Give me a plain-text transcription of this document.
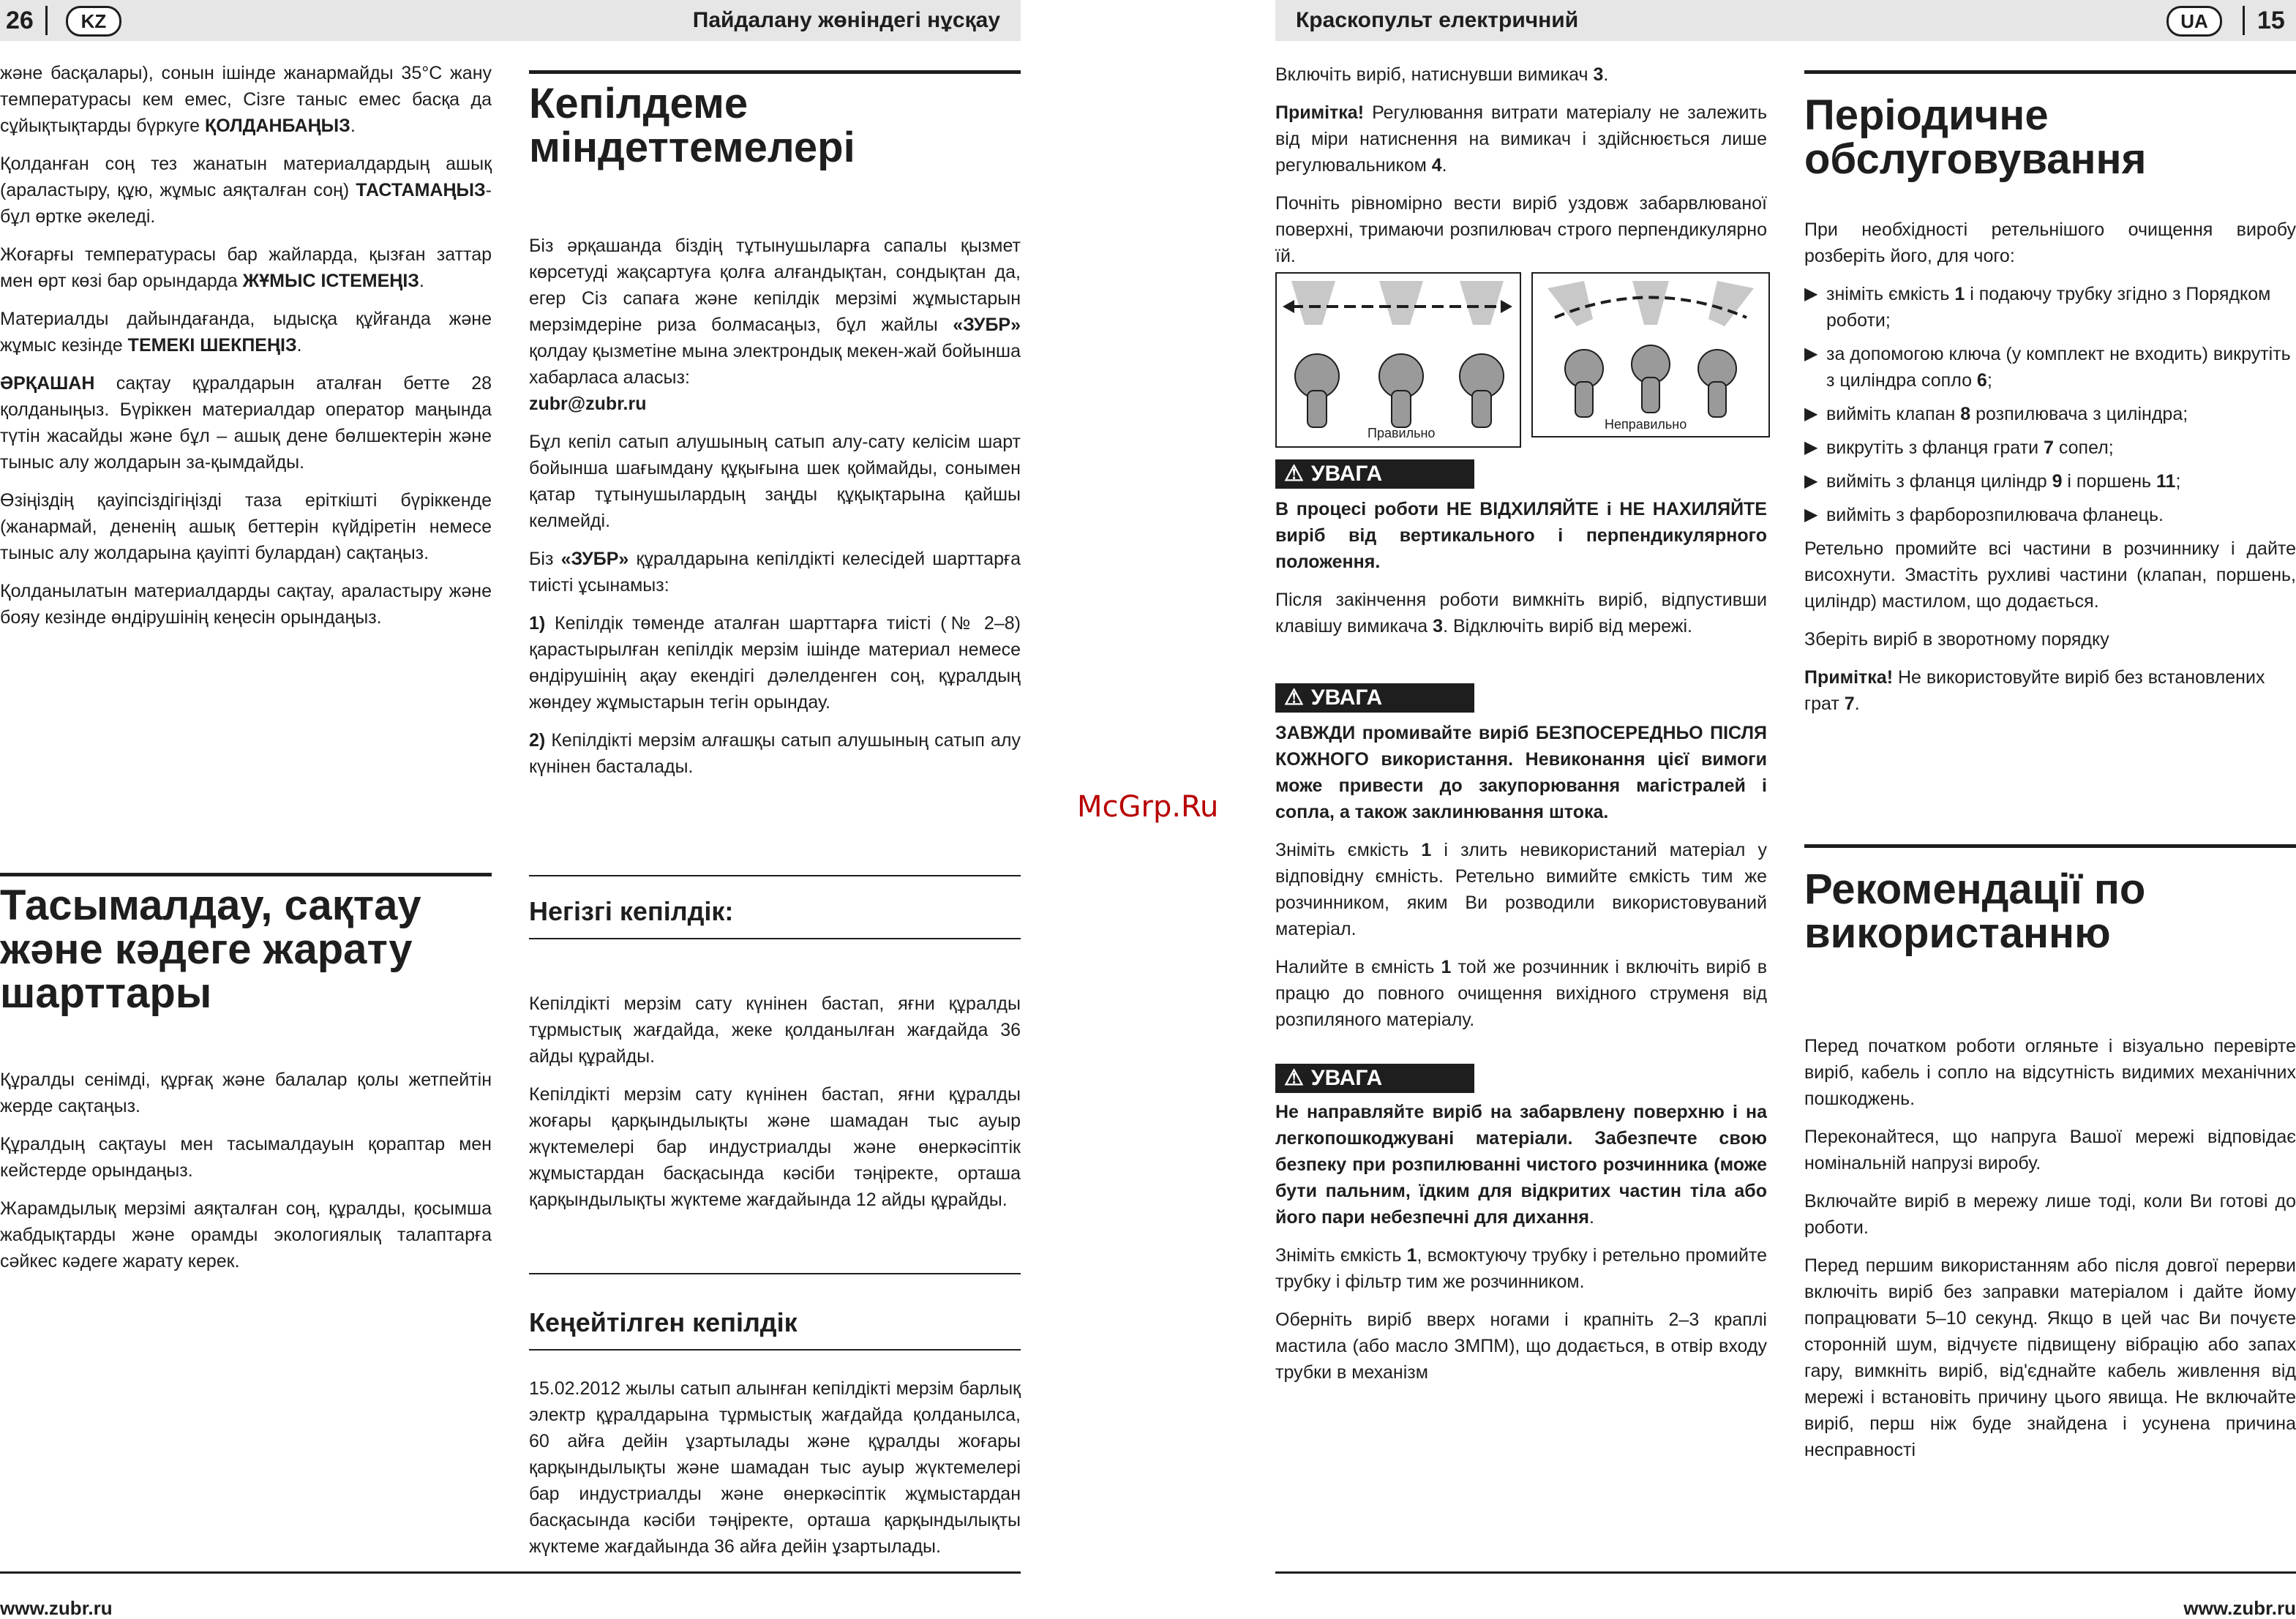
26	KZ	Пайдалану жөніндегі нұсқау	Краскопульт електричний	UA	15

және басқалары), сонын ішінде жанармайды 35°С жану температурасы кем емес, Сізге таныс емес басқа да сұйықтықтарды бүркуге ҚОЛДАНБАҢЫЗ.

Қолданған соң тез жанатын материалдардың ашық (араластыру, құю, жұмыс аяқталған соң) ТАСТАМАҢЫЗ-бұл өртке әкеледі.

Жоғарғы температурасы бар жайларда, қызған заттар мен өрт көзі бар орындарда ЖҰМЫС ІСТЕМЕҢІЗ.

Материалды дайындағанда, ыдысқа құйғанда және жұмыс кезінде ТЕМЕКІ ШЕКПЕҢІЗ.

ӘРҚАШАН сақтау құралдарын аталған бетте 28 қолданыңыз. Бүріккен материалдар оператор маңында түтін жасайды және бұл – ашық дене бөлшектерін және тыныс алу жолдарын за-қымдайды.

Өзіңіздің қауіпсіздігіңізді таза еріткішті бүріккенде (жанармай, дененің ашық беттерін күйдіретін немесе тыныс алу жолдарына қауіпті булардан) сақтаңыз.

Қолданылатын материалдарды сақтау, араластыру және бояу кезінде өндірушінің кеңесін орындаңыз.

Тасымалдау, сақтау және кәдеге жарату шарттары

Құралды сенімді, құрғақ және балалар қолы жетпейтін жерде сақтаңыз.

Құралдың сақтауы мен тасымалдауын қораптар мен кейстерде орындаңыз.

Жарамдылық мерзімі аяқталған соң, құралды, қосымша жабдықтарды және орамды экологиялық талаптарға сәйкес кәдеге жарату керек.

Кепілдеме міндеттемелері

Біз әрқашанда біздің тұтынушыларға сапалы қызмет көрсетуді жақсартуға қолға алғандықтан, сондықтан да, егер Сіз сапаға және кепілдік мерзімі жұмыстарын мерзімдеріне риза болмасаңыз, бұл жайлы «ЗУБР» қолдау қызметіне мына электрондық мекен-жай бойынша хабарласа аласыз:
zubr@zubr.ru

Бұл кепіл сатып алушының сатып алу-сату келісім шарт бойынша шағымдану құқығына шек қоймайды, сонымен қатар тұтынушылардың заңды құқықтарына қайшы келмейді.

Біз «ЗУБР» құралдарына кепілдікті келесідей шарттарға тиісті ұсынамыз:

1) Кепілдік төменде аталған шарттарға тиісті (№ 2–8) қарастырылған кепілдік мерзім ішінде материал немесе өндірушінің ақау екендігі дәлелденген соң, құралдың жөндеу жұмыстарын тегін орындау.

2) Кепілдікті мерзім алғашқы сатып алушының сатып алу күнінен басталады.

Негізгі кепілдік:

Кепілдікті мерзім сату күнінен бастап, яғни құралды тұрмыстық жағдайда, жеке қолданылған жағдайда 36 айды құрайды.

Кепілдікті мерзім сату күнінен бастап, яғни құралды жоғары қарқындылықты және шамадан тыс ауыр жүктемелері бар индустриалды және өнеркәсіптік жұмыстардан басқасында кәсіби тәңіректе, орташа қарқындылықты жүктеме жағдайында 12 айды құрайды.

Кеңейтілген кепілдік

15.02.2012 жылы сатып алынған кепілдікті мерзім барлық электр құралдарына тұрмыстық жағдайда қолданылса, 60 айға дейін ұзартылады және құралды жоғары қарқындылықты және шамадан тыс ауыр жүктемелері бар индустриалды және өнеркәсіптік жұмыстардан басқасында кәсіби тәңіректе, орташа қарқындылықты жүктеме жағдайында 36 айға дейін ұзартылады.

www.zubr.ru
McGrp.Ru

Включіть виріб, натиснувши вимикач 3.

Примітка! Регулювання витрати матеріалу не залежить від міри натиснення на вимикач і здійснюється лише регулювальником 4.

Почніть рівномірно вести виріб уздовж забарвлюваної поверхні, тримаючи розпилювач строго перпендикулярно їй.

Правильно
Неправильно
⚠ УВАГА

В процесі роботи НЕ ВІДХИЛЯЙТЕ і НЕ НАХИЛЯЙТЕ виріб від вертикального і перпендикулярного положення.

Після закінчення роботи вимкніть виріб, відпустивши клавішу вимикача 3. Відключіть виріб від мережі.

⚠ УВАГА

ЗАВЖДИ промивайте виріб БЕЗПОСЕРЕДНЬО ПІСЛЯ КОЖНОГО використання. Невиконання цієї вимоги може привести до закупорювання магістралей і сопла, а також заклинювання штока.

Зніміть ємкість 1 і злить невикористаний матеріал у відповідну ємність. Ретельно вимийте ємкість тим же розчинником, яким Ви розводили використовуваний матеріал.

Налийте в ємність 1 той же розчинник і включіть виріб в працю до повного очищення вихідного струменя від розпиляного матеріалу.

⚠ УВАГА

Не направляйте виріб на забарвлену поверхню і на легкопошкоджувані матеріали. Забезпечте свою безпеку при розпилюванні чистого розчинника (може бути пальним, їдким для відкритих частин тіла або його пари небезпечні для дихання.

Зніміть ємкість 1, всмоктуючу трубку і ретельно промийте трубку і фільтр тим же розчинником.

Оберніть виріб вверх ногами і крапніть 2–3 краплі мастила (або масло ЗМПМ), що додається, в отвір входу трубки в механізм

Періодичне обслуговування

При необхідності ретельнішого очищення виробу розберіть його, для чого:

▶ зніміть ємкість 1 і подаючу трубку згідно з Порядком роботи;
▶ за допомогою ключа (у комплект не входить) викрутіть з циліндра сопло 6;
▶ вийміть клапан 8 розпилювача з циліндра;
▶ викрутіть з фланця грати 7 сопел;
▶ вийміть з фланця циліндр 9 і поршень 11;
▶ вийміть з фарборозпилювача фланець.

Ретельно промийте всі частини в розчиннику і дайте висохнути. Змастіть рухливі частини (клапан, поршень, циліндр) мастилом, що додається.

Зберіть виріб в зворотному порядку

Примітка! Не використовуйте виріб без встановлених грат 7.

Рекомендації по використанню

Перед початком роботи огляньте і візуально перевірте виріб, кабель і сопло на відсутність видимих механічних пошкоджень.

Переконайтеся, що напруга Вашої мережі відповідає номінальній напрузі виробу.

Включайте виріб в мережу лише тоді, коли Ви готові до роботи.

Перед першим використанням або після довгої перерви включіть виріб без заправки матеріалом і дайте йому попрацювати 5–10 секунд. Якщо в цей час Ви почуєте сторонній шум, відчуєте підвищену вібрацію або запах гару, вимкніть виріб, від'єднайте кабель живлення від мережі і встановіть причину цього явища. Не включайте виріб, перш ніж буде знайдена і усунена причина несправності

www.zubr.ru
